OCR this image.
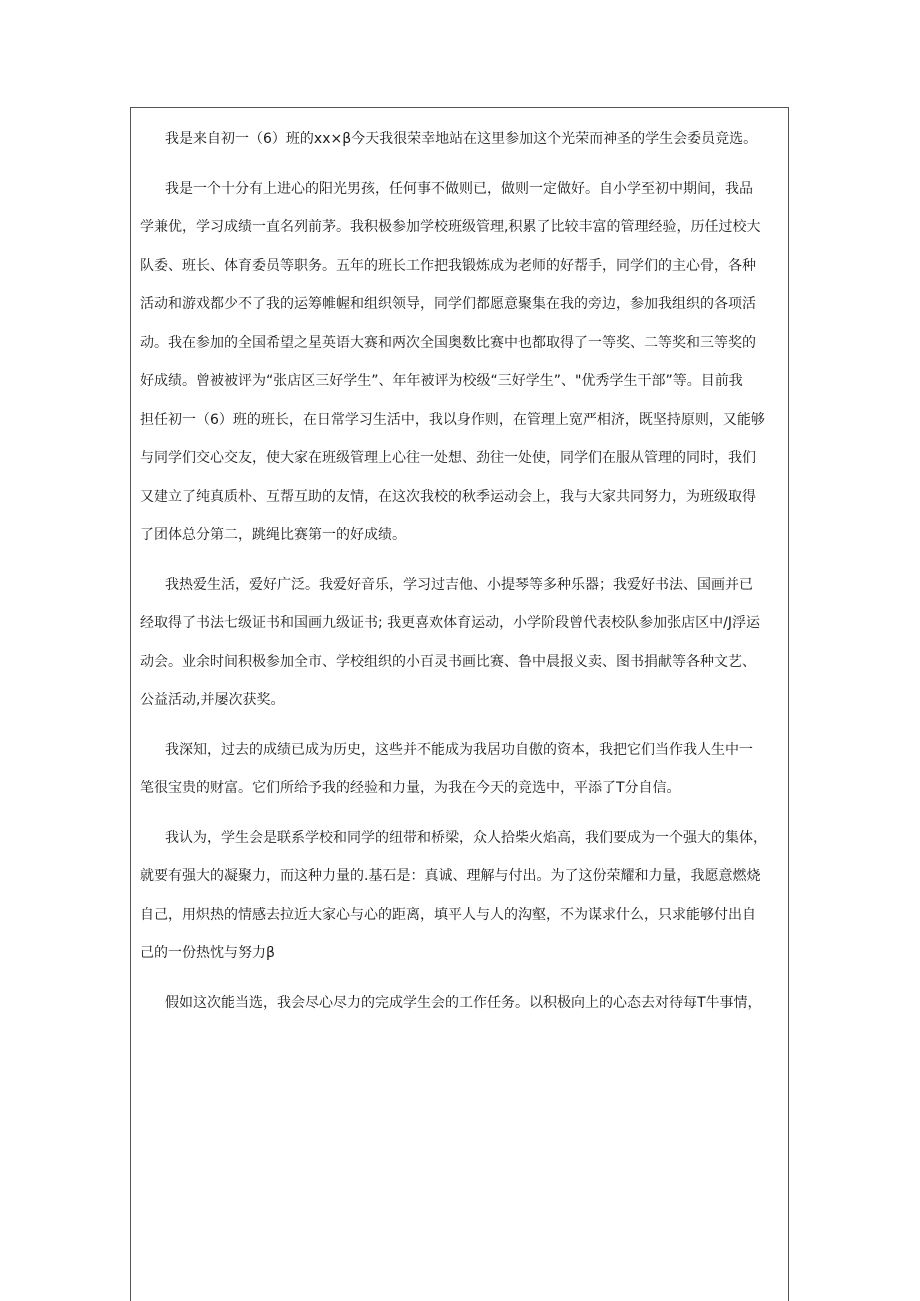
我是来自初一（6）班的xx×β今天我很荣幸地站在这里参加这个光荣而神圣的学生会委员竞选。

我是一个十分有上进心的阳光男孩，任何事不做则已，做则一定做好。自小学至初中期间，我品
学兼优，学习成绩一直名列前茅。我积极参加学校班级管理,积累了比较丰富的管理经验，历任过校大
队委、班长、体育委员等职务。五年的班长工作把我锻炼成为老师的好帮手，同学们的主心骨，各种
活动和游戏都少不了我的运筹帷幄和组织领导，同学们都愿意聚集在我的旁边，参加我组织的各项活
动。我在参加的全国希望之星英语大赛和两次全国奥数比赛中也都取得了一等奖、二等奖和三等奖的
好成绩。曾被被评为“张店区三好学生”、年年被评为校级“三好学生”、"优秀学生干部”等。目前我
担任初一（6）班的班长，在日常学习生活中，我以身作则，在管理上宽严相济，既坚持原则，又能够
与同学们交心交友，使大家在班级管理上心往一处想、劲往一处使，同学们在服从管理的同时，我们
又建立了纯真质朴、互帮互助的友情，在这次我校的秋季运动会上，我与大家共同努力，为班级取得
了团体总分第二，跳绳比赛第一的好成绩。

我热爱生活，爱好广泛。我爱好音乐，学习过吉他、小提琴等多种乐器；我爱好书法、国画并已
经取得了书法七级证书和国画九级证书; 我更喜欢体育运动，小学阶段曾代表校队参加张店区中/J浮运
动会。业余时间积极参加全市、学校组织的小百灵书画比赛、鲁中晨报义卖、图书捐献等各种文艺、
公益活动,并屡次获奖。

我深知，过去的成绩已成为历史，这些并不能成为我居功自傲的资本，我把它们当作我人生中一
笔很宝贵的财富。它们所给予我的经验和力量，为我在今天的竞选中，平添了T分自信。

我认为，学生会是联系学校和同学的纽带和桥梁，众人拾柴火焰高，我们要成为一个强大的集体，
就要有强大的凝聚力，而这种力量的.基石是：真诚、理解与付出。为了这份荣耀和力量，我愿意燃烧
自己，用炽热的情感去拉近大家心与心的距离，填平人与人的沟壑，不为谋求什么，只求能够付出自
己的一份热忱与努力β

假如这次能当选，我会尽心尽力的完成学生会的工作任务。以积极向上的心态去对待每T牛事情，
